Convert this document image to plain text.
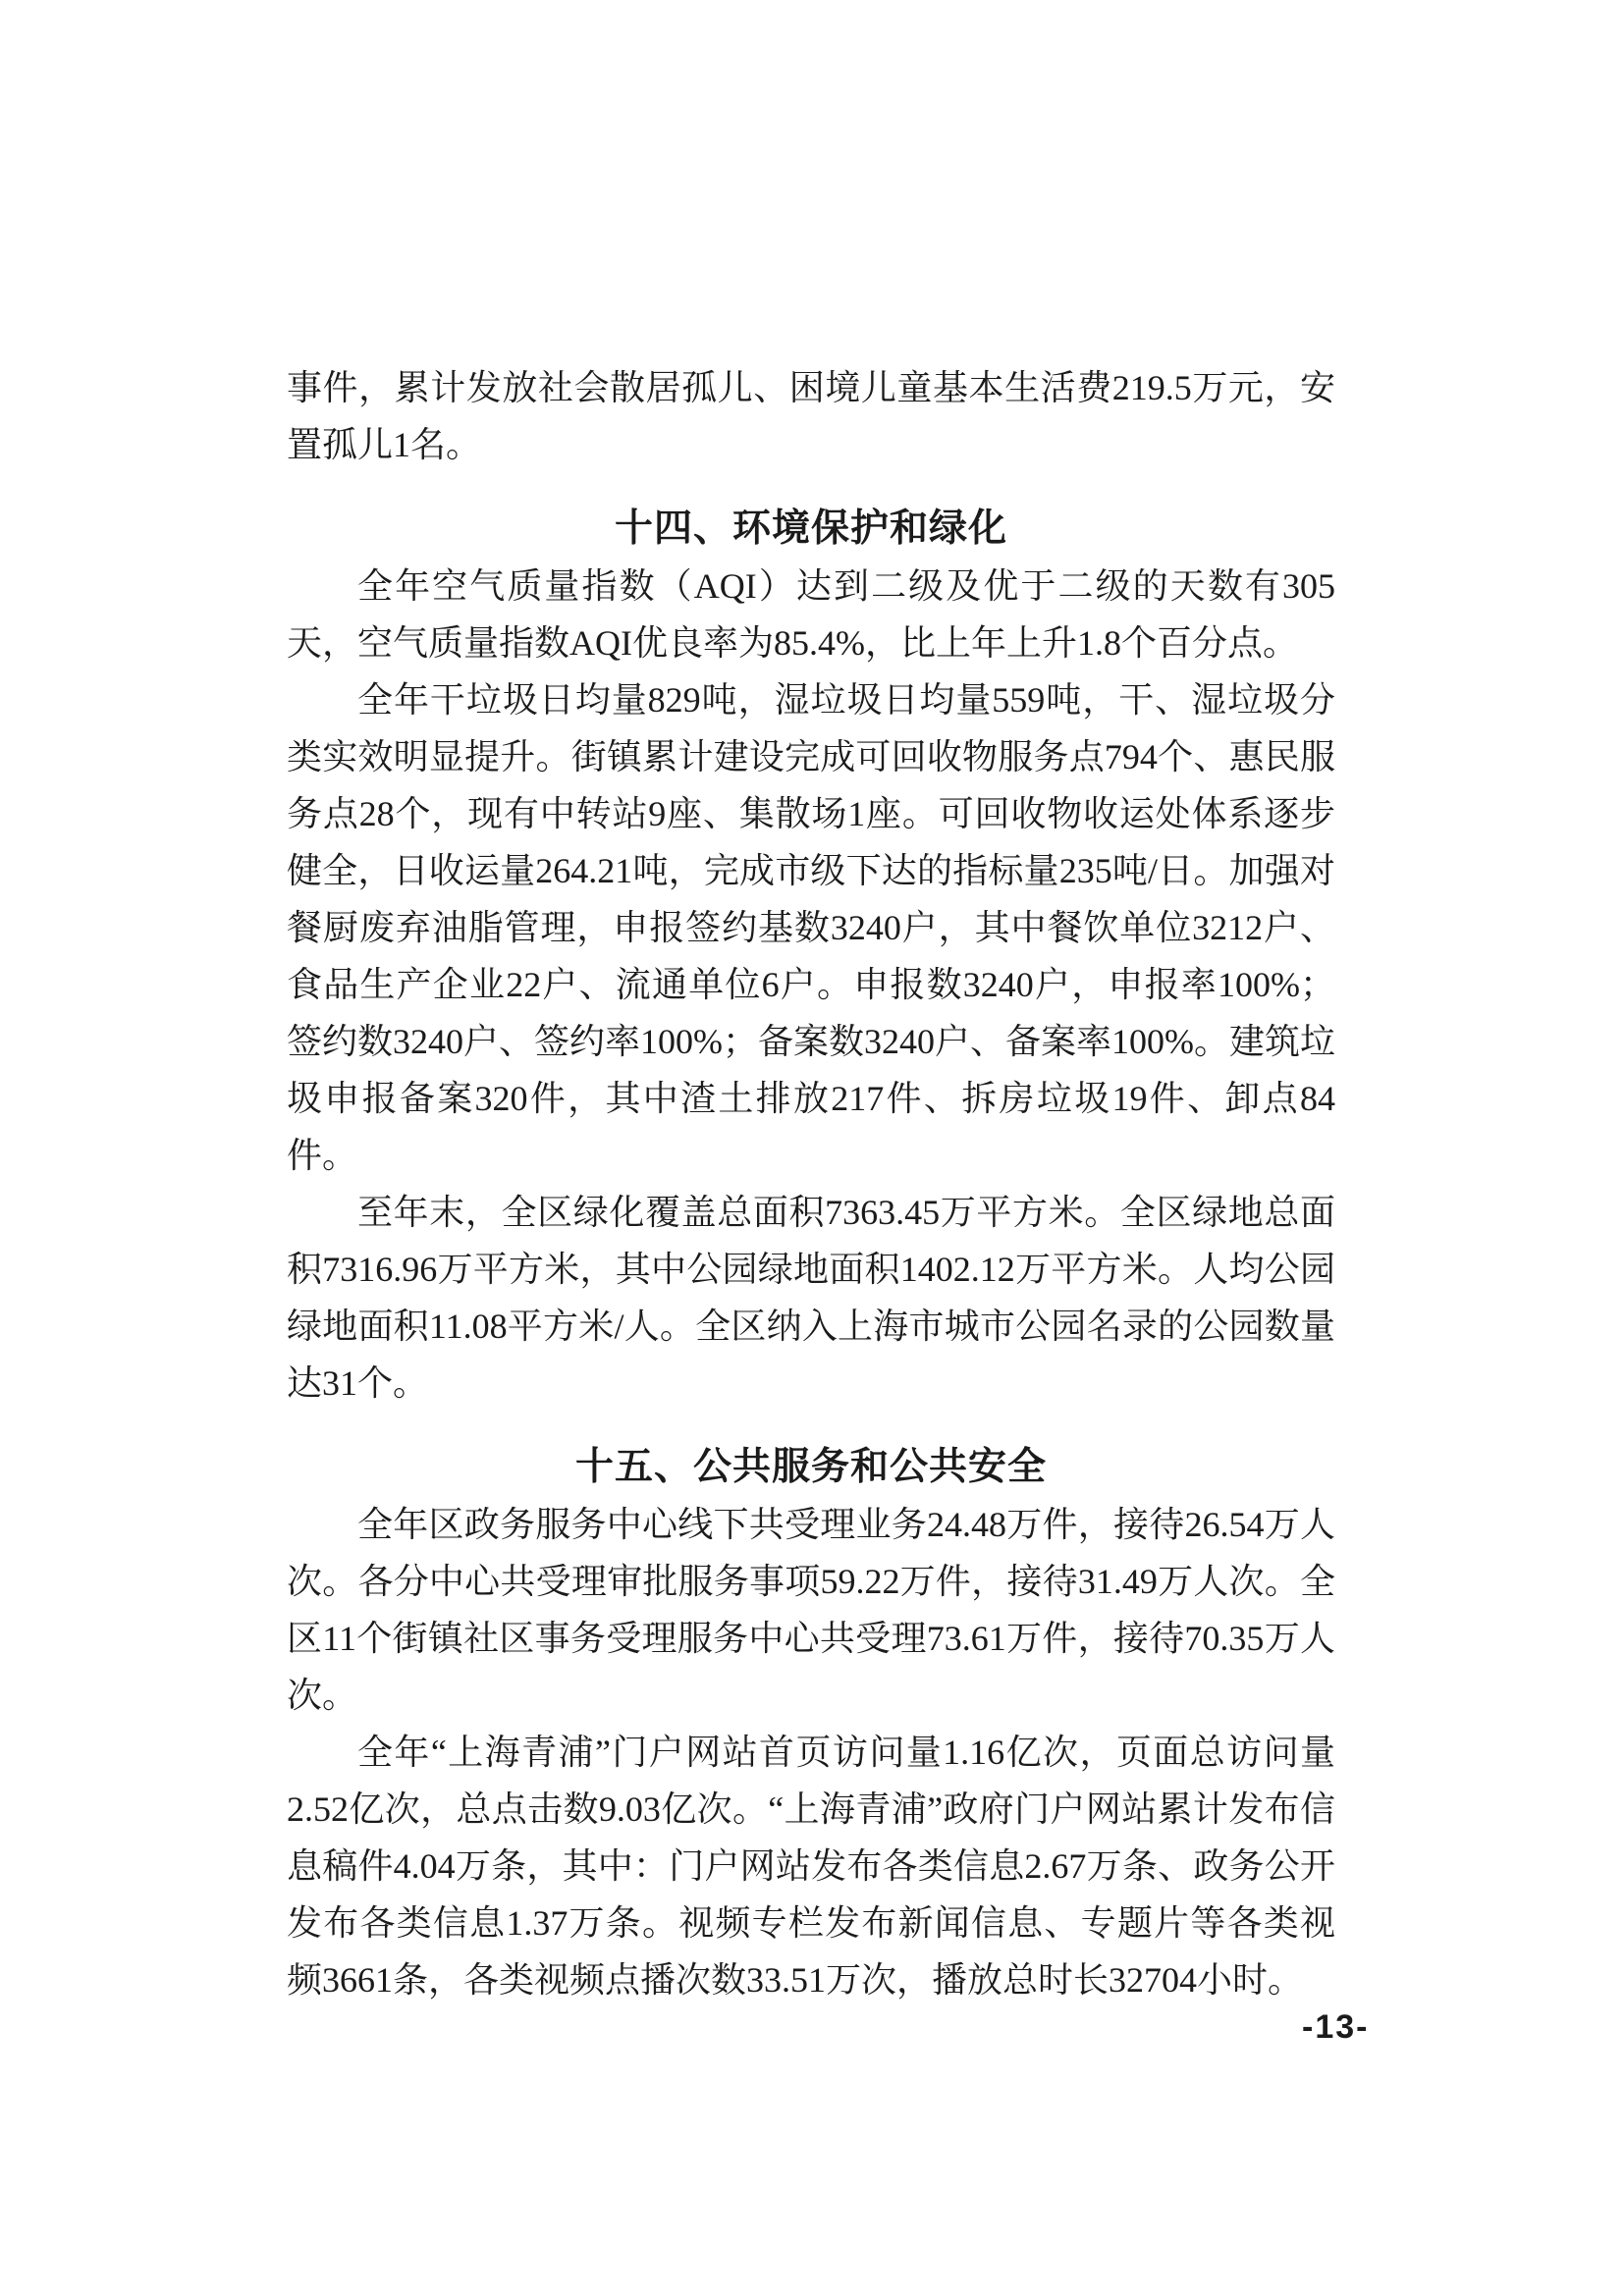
事件，累计发放社会散居孤儿、困境儿童基本生活费219.5万元，安置孤儿1名。

十四、环境保护和绿化

全年空气质量指数（AQI）达到二级及优于二级的天数有305天，空气质量指数AQI优良率为85.4%，比上年上升1.8个百分点。

全年干垃圾日均量829吨，湿垃圾日均量559吨，干、湿垃圾分类实效明显提升。街镇累计建设完成可回收物服务点794个、惠民服务点28个，现有中转站9座、集散场1座。可回收物收运处体系逐步健全，日收运量264.21吨，完成市级下达的指标量235吨/日。加强对餐厨废弃油脂管理，申报签约基数3240户，其中餐饮单位3212户、食品生产企业22户、流通单位6户。申报数3240户，申报率100%；签约数3240户、签约率100%；备案数3240户、备案率100%。建筑垃圾申报备案320件，其中渣土排放217件、拆房垃圾19件、卸点84件。

至年末，全区绿化覆盖总面积7363.45万平方米。全区绿地总面积7316.96万平方米，其中公园绿地面积1402.12万平方米。人均公园绿地面积11.08平方米/人。全区纳入上海市城市公园名录的公园数量达31个。

十五、公共服务和公共安全

全年区政务服务中心线下共受理业务24.48万件，接待26.54万人次。各分中心共受理审批服务事项59.22万件，接待31.49万人次。全区11个街镇社区事务受理服务中心共受理73.61万件，接待70.35万人次。

全年“上海青浦”门户网站首页访问量1.16亿次，页面总访问量2.52亿次，总点击数9.03亿次。“上海青浦”政府门户网站累计发布信息稿件4.04万条，其中：门户网站发布各类信息2.67万条、政务公开发布各类信息1.37万条。视频专栏发布新闻信息、专题片等各类视频3661条，各类视频点播次数33.51万次，播放总时长32704小时。

-13-
